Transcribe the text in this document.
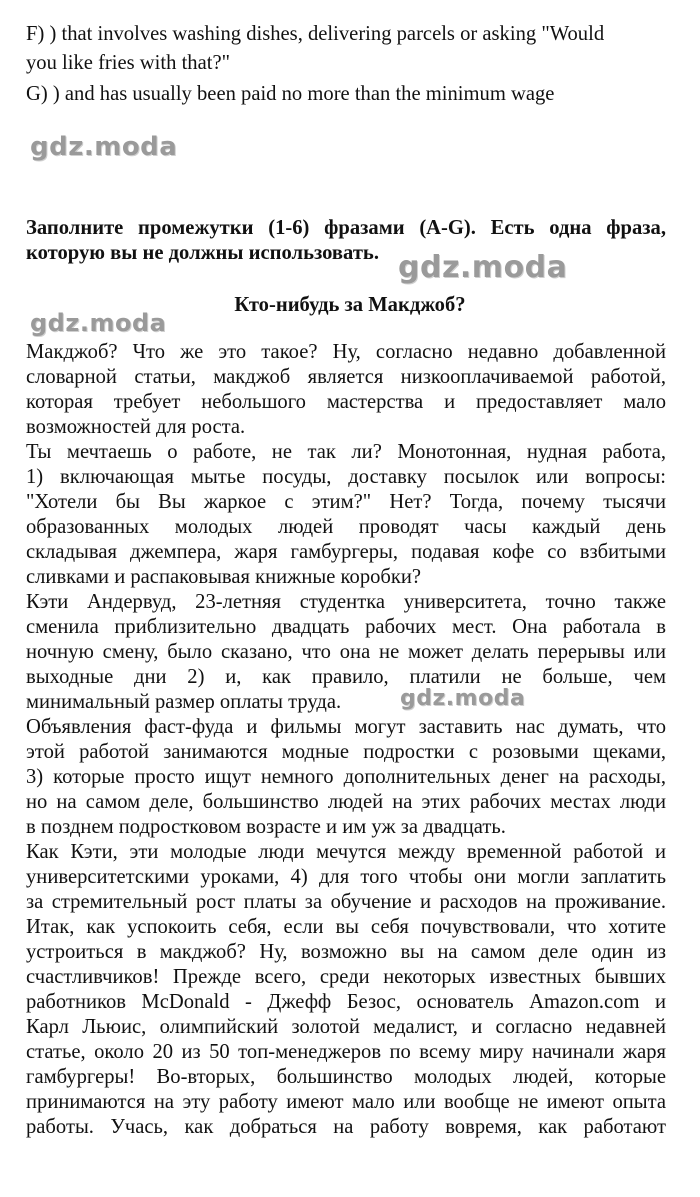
F) ) that involves washing dishes, delivering parcels or asking "Would
you like fries with that?"
G) ) and has usually been paid no more than the minimum wage
gdz.moda
gdz.moda
gdz.moda
gdz.moda
Заполните промежутки (1-6) фразами (A-G). Есть одна фраза,
которую вы не должны использовать.
Кто-нибудь за Макджоб?
Макджоб? Что же это такое? Ну, согласно недавно добавленной
словарной статьи, макджоб является низкооплачиваемой работой,
которая требует небольшого мастерства и предоставляет мало
возможностей для роста.
Ты мечтаешь о работе, не так ли? Монотонная, нудная работа,
1) включающая мытье посуды, доставку посылок или вопросы:
"Хотели бы Вы жаркое с этим?" Нет? Тогда, почему тысячи
образованных молодых людей проводят часы каждый день
складывая джемпера, жаря гамбургеры, подавая кофе со взбитыми
сливками и распаковывая книжные коробки?
Кэти Андервуд, 23-летняя студентка университета, точно также
сменила приблизительно двадцать рабочих мест. Она работала в
ночную смену, было сказано, что она не может делать перерывы или
выходные дни 2) и, как правило, платили не больше, чем
минимальный размер оплаты труда.
Объявления фаст-фуда и фильмы могут заставить нас думать, что
этой работой занимаются модные подростки с розовыми щеками,
3) которые просто ищут немного дополнительных денег на расходы,
но на самом деле, большинство людей на этих рабочих местах люди
в позднем подростковом возрасте и им уж за двадцать.
Как Кэти, эти молодые люди мечутся между временной работой и
университетскими уроками, 4) для того чтобы они могли заплатить
за стремительный рост платы за обучение и расходов на проживание.
Итак, как успокоить себя, если вы себя почувствовали, что хотите
устроиться в макджоб? Ну, возможно вы на самом деле один из
счастливчиков! Прежде всего, среди некоторых известных бывших
работников McDonald - Джефф Безос, основатель Amazon.com и
Карл Льюис, олимпийский золотой медалист, и согласно недавней
статье, около 20 из 50 топ-менеджеров по всему миру начинали жаря
гамбургеры! Во-вторых, большинство молодых людей, которые
принимаются на эту работу имеют мало или вообще не имеют опыта
работы. Учась, как добраться на работу вовремя, как работают
